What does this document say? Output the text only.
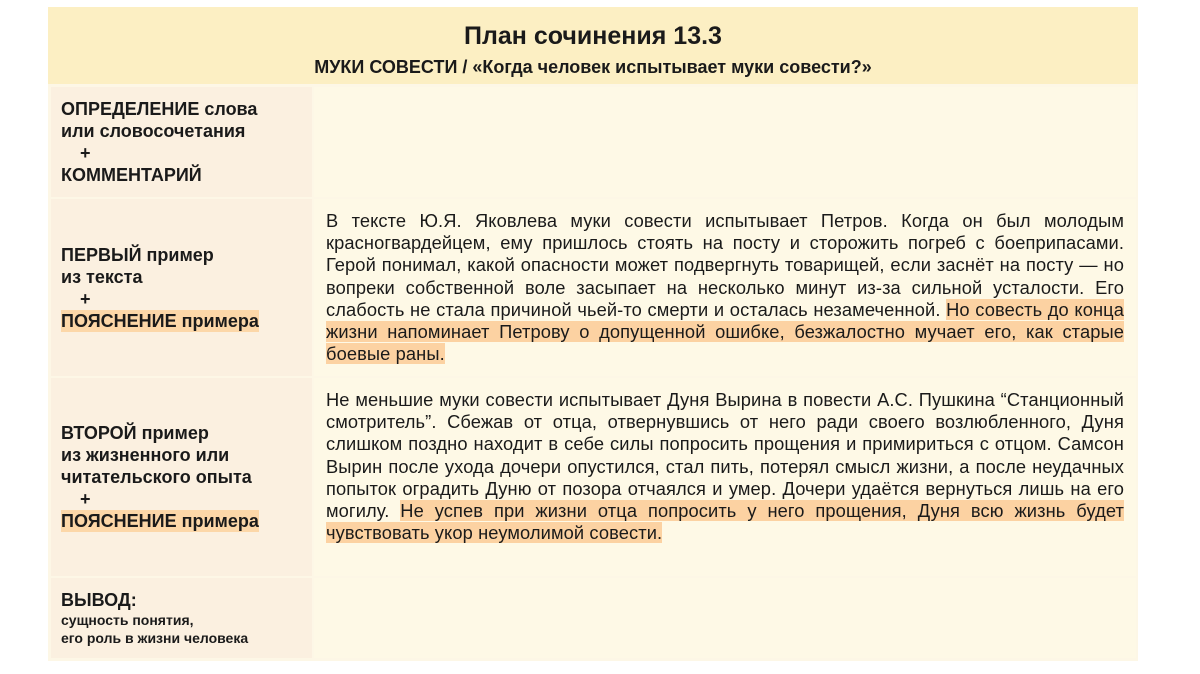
План сочинения 13.3
МУКИ СОВЕСТИ / «Когда человек испытывает муки совести?»
ОПРЕДЕЛЕНИЕ слова
или словосочетания
+
КОММЕНТАРИЙ
ПЕРВЫЙ пример
из текста
+
ПОЯСНЕНИЕ примера
В тексте Ю.Я. Яковлева муки совести испытывает Петров. Когда он был молодым красногвардейцем, ему пришлось стоять на посту и сторожить погреб с боеприпасами. Герой понимал, какой опасности может подвергнуть товарищей, если заснёт на посту — но вопреки собственной воле засыпает на несколько минут из-за сильной усталости. Его слабость не стала причиной чьей-то смерти и осталась незамеченной. Но совесть до конца жизни напоминает Петрову о допущенной ошибке, безжалостно мучает его, как старые боевые раны.
ВТОРОЙ пример
из жизненного или
читательского опыта
+
ПОЯСНЕНИЕ примера
Не меньшие муки совести испытывает Дуня Вырина в повести А.С. Пушкина “Станционный смотритель”. Сбежав от отца, отвернувшись от него ради своего возлюбленного, Дуня слишком поздно находит в себе силы попросить прощения и примириться с отцом. Самсон Вырин после ухода дочери опустился, стал пить, потерял смысл жизни, а после неудачных попыток оградить Дуню от позора отчаялся и умер. Дочери удаётся вернуться лишь на его могилу. Не успев при жизни отца попросить у него прощения, Дуня всю жизнь будет чувствовать укор неумолимой совести.
ВЫВОД:
сущность понятия,
его роль в жизни человека
